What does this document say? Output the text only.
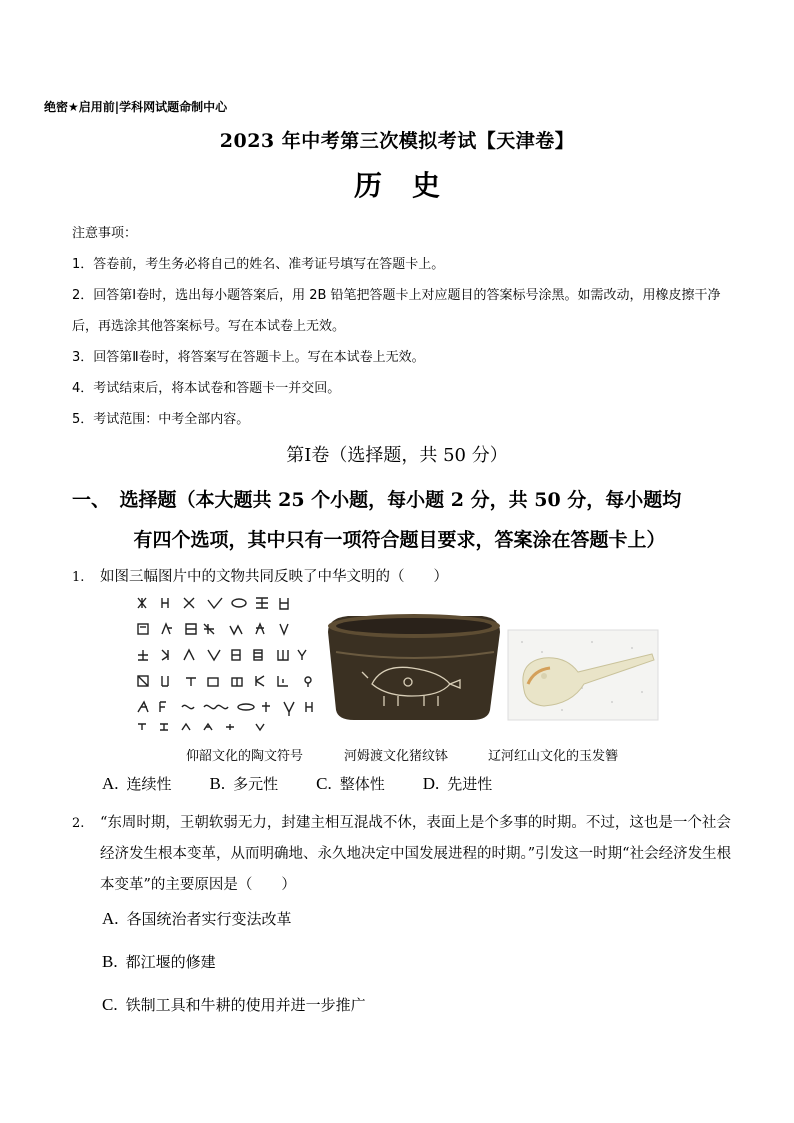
绝密★启用前|学科网试题命制中心
2023 年中考第三次模拟考试【天津卷】
历史
注意事项：
1．答卷前，考生务必将自己的姓名、准考证号填写在答题卡上。
2．回答第Ⅰ卷时，选出每小题答案后，用 2B 铅笔把答题卡上对应题目的答案标号涂黑。如需改动，用橡皮擦干净后，再选涂其他答案标号。写在本试卷上无效。
3．回答第Ⅱ卷时，将答案写在答题卡上。写在本试卷上无效。
4．考试结束后，将本试卷和答题卡一并交回。
5．考试范围：中考全部内容。
第Ⅰ卷（选择题，共 50 分）
一、　选择题（本大题共 25 个小题，每小题 2 分，共 50 分，每小题均
有四个选项，其中只有一项符合题目要求，答案涂在答题卡上）
1. 如图三幅图片中的文物共同反映了中华文明的（　　）
仰韶文化的陶文符号	河姆渡文化猪纹钵	辽河红山文化的玉发簪
A. 连续性 B. 多元性 C. 整体性 D. 先进性
2.	“东周时期，王朝软弱无力，封建主相互混战不休，表面上是个多事的时期。不过，这也是一个社会经济发生根本变革，从而明确地、永久地决定中国发展进程的时期。”引发这一时期“社会经济发生根本变革”的主要原因是（　　）
A. 各国统治者实行变法改革
B. 都江堰的修建
C. 铁制工具和牛耕的使用并进一步推广
